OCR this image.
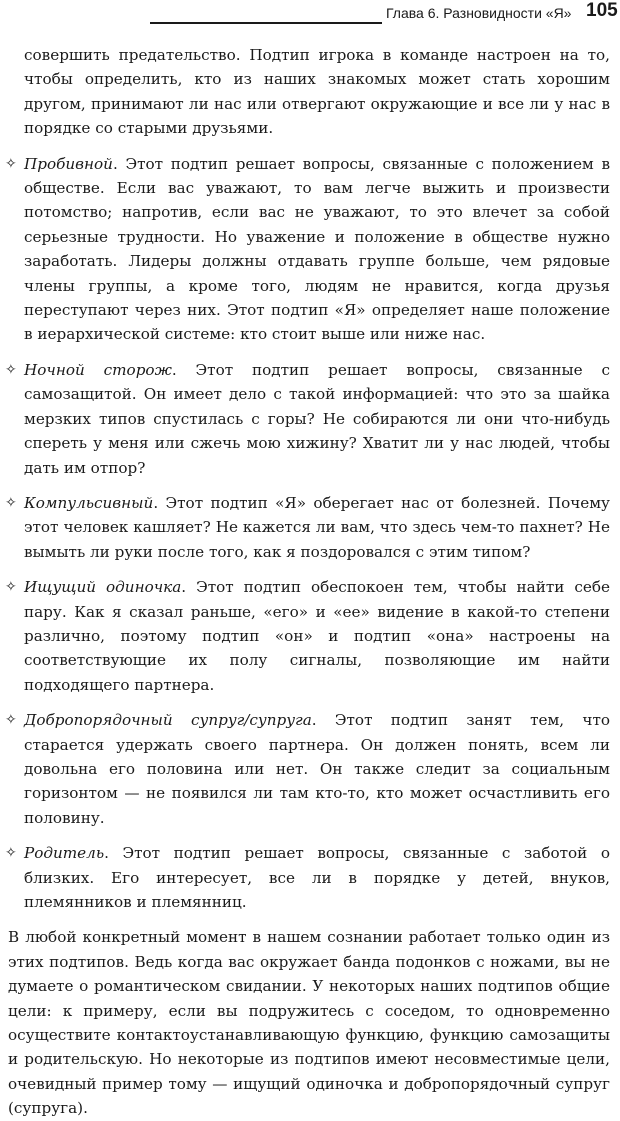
Глава 6. Разновидности «Я» 105

совершить предательство. Подтип игрока в команде настроен на то, чтобы определить, кто из наших знакомых может стать хорошим другом, принимают ли нас или отвергают окружающие и все ли у нас в порядке со старыми друзьями.

✧ Пробивной. Этот подтип решает вопросы, связанные с положением в обществе. Если вас уважают, то вам легче выжить и произвести потомство; напротив, если вас не уважают, то это влечет за собой серьезные трудности. Но уважение и положение в обществе нужно заработать. Лидеры должны отдавать группе больше, чем рядовые члены группы, а кроме того, людям не нравится, когда друзья переступают через них. Этот подтип «Я» определяет наше положение в иерархической системе: кто стоит выше или ниже нас.
✧ Ночной сторож. Этот подтип решает вопросы, связанные с самозащитой. Он имеет дело с такой информацией: что это за шайка мерзких типов спустилась с горы? Не собираются ли они что-нибудь спереть у меня или сжечь мою хижину? Хватит ли у нас людей, чтобы дать им отпор?
✧ Компульсивный. Этот подтип «Я» оберегает нас от болезней. Почему этот человек кашляет? Не кажется ли вам, что здесь чем-то пахнет? Не вымыть ли руки после того, как я поздоровался с этим типом?
✧ Ищущий одиночка. Этот подтип обеспокоен тем, чтобы найти себе пару. Как я сказал раньше, «его» и «ее» видение в какой-то степени различно, поэтому подтип «он» и подтип «она» настроены на соответствующие их полу сигналы, позволяющие им найти подходящего партнера.
✧ Добропорядочный супруг/супруга. Этот подтип занят тем, что старается удержать своего партнера. Он должен понять, всем ли довольна его половина или нет. Он также следит за социальным горизонтом — не появился ли там кто-то, кто может осчастливить его половину.
✧ Родитель. Этот подтип решает вопросы, связанные с заботой о близких. Его интересует, все ли в порядке у детей, внуков, племянников и племянниц.

В любой конкретный момент в нашем сознании работает только один из этих подтипов. Ведь когда вас окружает банда подонков с ножами, вы не думаете о романтическом свидании. У некоторых наших подтипов общие цели: к примеру, если вы подружитесь с соседом, то одновременно осуществите контактоустанавливающую функцию, функцию самозащиты и родительскую. Но некоторые из подтипов имеют несовместимые цели, очевидный пример тому — ищущий одиночка и добропорядочный супруг (супруга).
